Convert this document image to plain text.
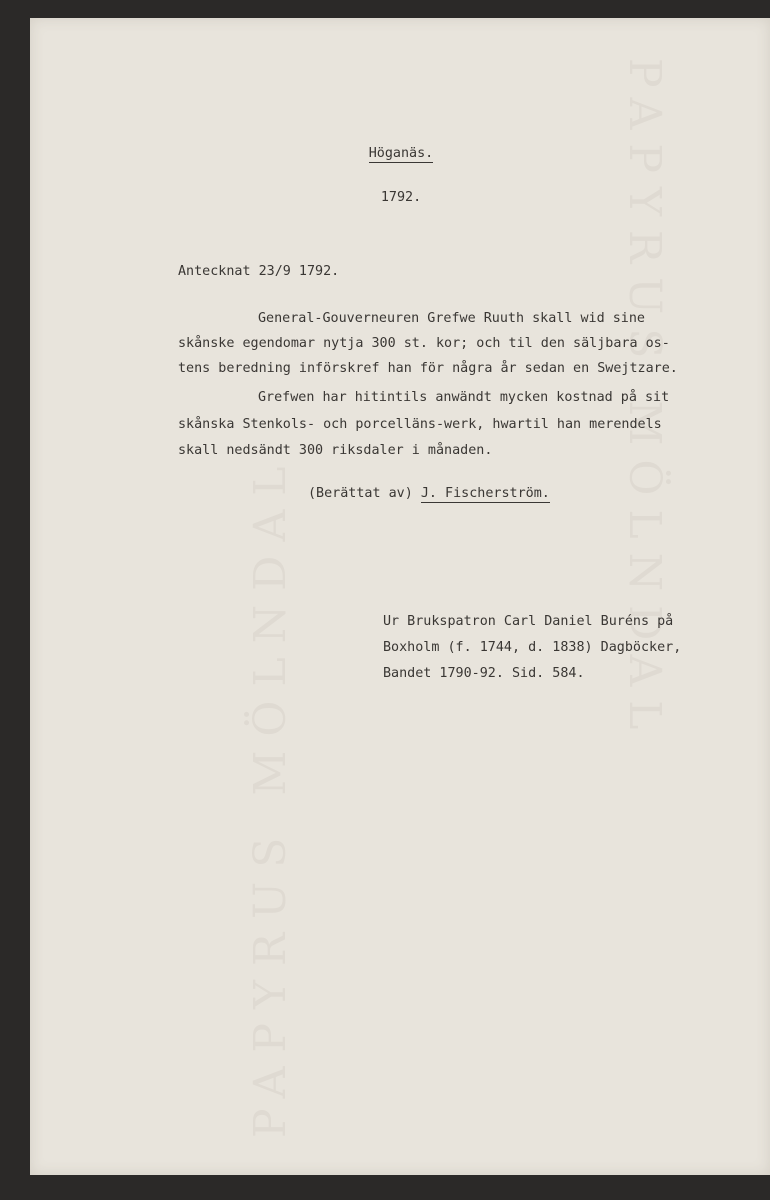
PAPYRUS MÖLNDAL
PAPYRUS MÖLNDAL
Höganäs.
1792.
Antecknat 23/9 1792.
General-Gouverneuren Grefwe Ruuth skall wid sine
skånske egendomar nytja 300 st. kor; och til den säljbara os-
tens beredning införskref han för några år sedan en Swejtzare.
Grefwen har hitintils anwändt mycken kostnad på sit
skånska Stenkols- och porcelläns-werk, hwartil han merendels
skall nedsändt 300 riksdaler i månaden.
(Berättat av) J. Fischerström.
Ur Brukspatron Carl Daniel Buréns på
Boxholm (f. 1744, d. 1838) Dagböcker,
Bandet 1790-92. Sid. 584.
